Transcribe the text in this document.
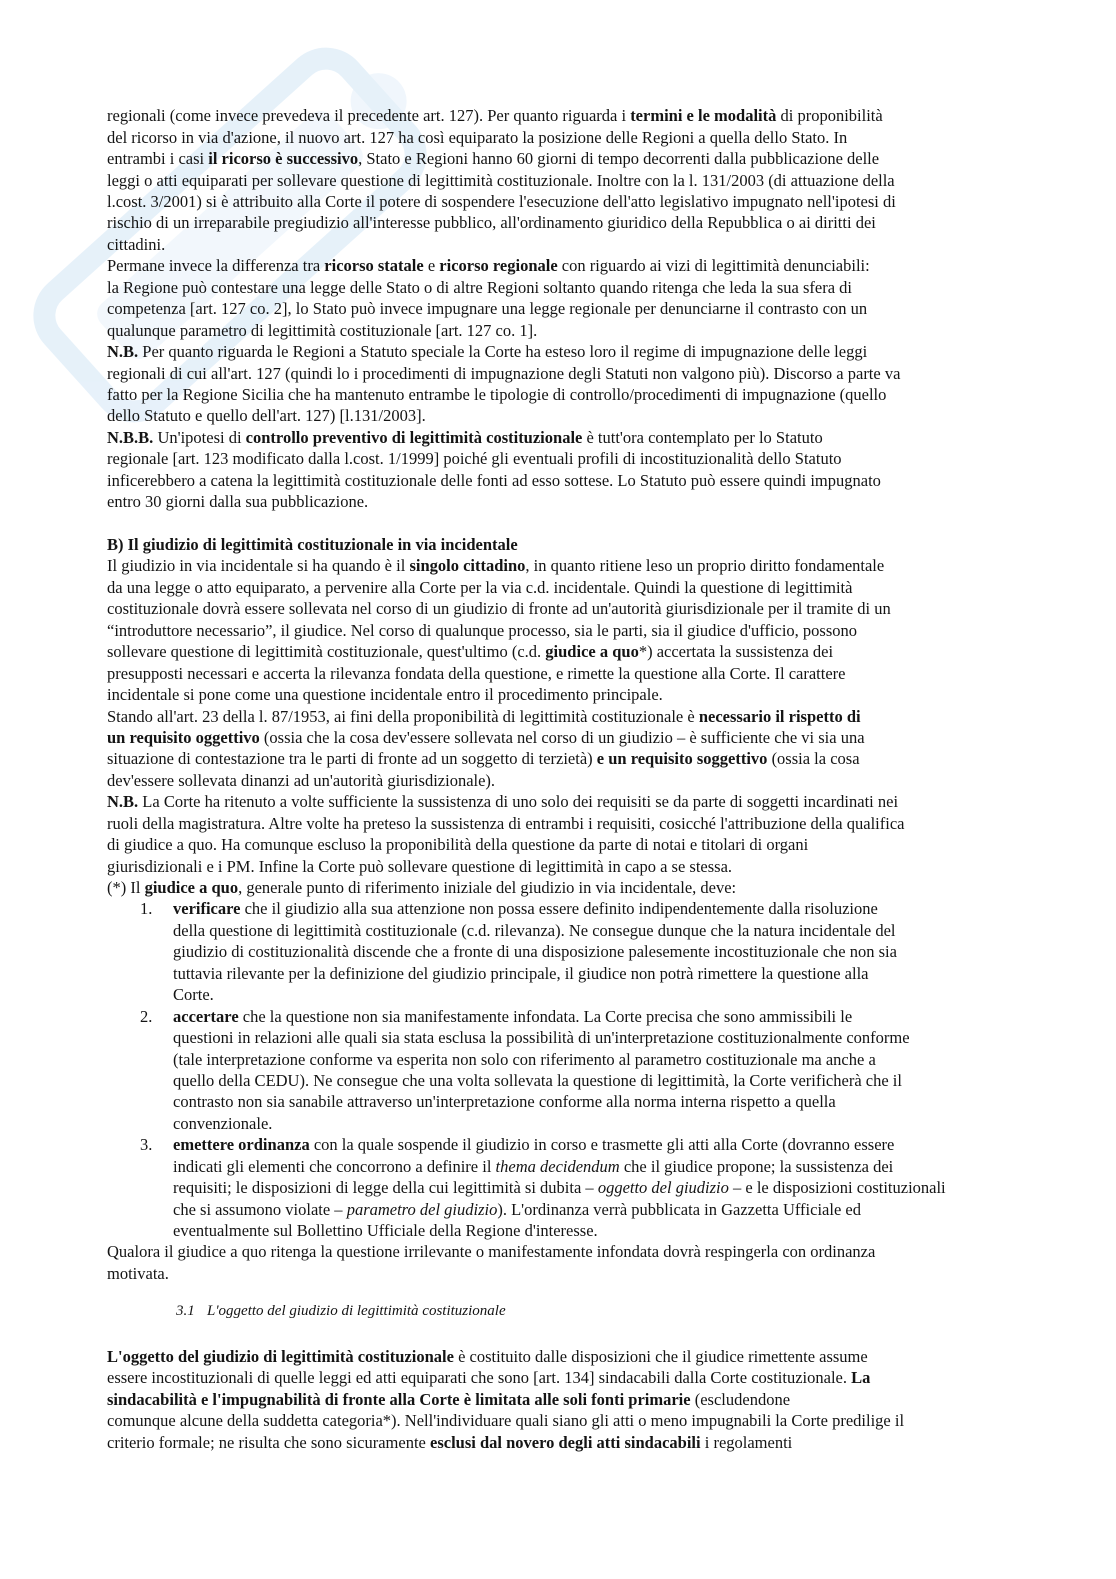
regionali (come invece prevedeva il precedente art. 127). Per quanto riguarda i termini e le modalità di proponibilità
del ricorso in via d'azione, il nuovo art. 127 ha così equiparato la posizione delle Regioni a quella dello Stato. In
entrambi i casi il ricorso è successivo, Stato e Regioni hanno 60 giorni di tempo decorrenti dalla pubblicazione delle
leggi o atti equiparati per sollevare questione di legittimità costituzionale. Inoltre con la l. 131/2003 (di attuazione della
l.cost. 3/2001) si è attribuito alla Corte il potere di sospendere l'esecuzione dell'atto legislativo impugnato nell'ipotesi di
rischio di un irreparabile pregiudizio all'interesse pubblico, all'ordinamento giuridico della Repubblica o ai diritti dei
cittadini.
Permane invece la differenza tra ricorso statale e ricorso regionale con riguardo ai vizi di legittimità denunciabili:
la Regione può contestare una legge delle Stato o di altre Regioni soltanto quando ritenga che leda la sua sfera di
competenza [art. 127 co. 2], lo Stato può invece impugnare una legge regionale per denunciarne il contrasto con un
qualunque parametro di legittimità costituzionale [art. 127 co. 1].
N.B. Per quanto riguarda le Regioni a Statuto speciale la Corte ha esteso loro il regime di impugnazione delle leggi
regionali di cui all'art. 127 (quindi lo i procedimenti di impugnazione degli Statuti non valgono più). Discorso a parte va
fatto per la Regione Sicilia che ha mantenuto entrambe le tipologie di controllo/procedimenti di impugnazione (quello
dello Statuto e quello dell'art. 127) [l.131/2003].
N.B.B. Un'ipotesi di controllo preventivo di legittimità costituzionale è tutt'ora contemplato per lo Statuto
regionale [art. 123 modificato dalla l.cost. 1/1999] poiché gli eventuali profili di incostituzionalità dello Statuto
inficerebbero a catena la legittimità costituzionale delle fonti ad esso sottese. Lo Statuto può essere quindi impugnato
entro 30 giorni dalla sua pubblicazione.
B) Il giudizio di legittimità costituzionale in via incidentale
Il giudizio in via incidentale si ha quando è il singolo cittadino, in quanto ritiene leso un proprio diritto fondamentale
da una legge o atto equiparato, a pervenire alla Corte per la via c.d. incidentale. Quindi la questione di legittimità
costituzionale dovrà essere sollevata nel corso di un giudizio di fronte ad un'autorità giurisdizionale per il tramite di un
“introduttore necessario”, il giudice. Nel corso di qualunque processo, sia le parti, sia il giudice d'ufficio, possono
sollevare questione di legittimità costituzionale, quest'ultimo (c.d. giudice a quo*) accertata la sussistenza dei
presupposti necessari e accerta la rilevanza fondata della questione, e rimette la questione alla Corte. Il carattere
incidentale si pone come una questione incidentale entro il procedimento principale.
Stando all'art. 23 della l. 87/1953, ai fini della proponibilità di legittimità costituzionale è necessario il rispetto di
un requisito oggettivo (ossia che la cosa dev'essere sollevata nel corso di un giudizio – è sufficiente che vi sia una
situazione di contestazione tra le parti di fronte ad un soggetto di terzietà) e un requisito soggettivo (ossia la cosa
dev'essere sollevata dinanzi ad un'autorità giurisdizionale).
N.B. La Corte ha ritenuto a volte sufficiente la sussistenza di uno solo dei requisiti se da parte di soggetti incardinati nei
ruoli della magistratura. Altre volte ha preteso la sussistenza di entrambi i requisiti, cosicché l'attribuzione della qualifica
di giudice a quo. Ha comunque escluso la proponibilità della questione da parte di notai e titolari di organi
giurisdizionali e i PM. Infine la Corte può sollevare questione di legittimità in capo a se stessa.
(*) Il giudice a quo, generale punto di riferimento iniziale del giudizio in via incidentale, deve:
1. verificare che il giudizio alla sua attenzione non possa essere definito indipendentemente dalla risoluzione
della questione di legittimità costituzionale (c.d. rilevanza). Ne consegue dunque che la natura incidentale del
giudizio di costituzionalità discende che a fronte di una disposizione palesemente incostituzionale che non sia
tuttavia rilevante per la definizione del giudizio principale, il giudice non potrà rimettere la questione alla
Corte.
2. accertare che la questione non sia manifestamente infondata. La Corte precisa che sono ammissibili le
questioni in relazioni alle quali sia stata esclusa la possibilità di un'interpretazione costituzionalmente conforme
(tale interpretazione conforme va esperita non solo con riferimento al parametro costituzionale ma anche a
quello della CEDU). Ne consegue che una volta sollevata la questione di legittimità, la Corte verificherà che il
contrasto non sia sanabile attraverso un'interpretazione conforme alla norma interna rispetto a quella
convenzionale.
3. emettere ordinanza con la quale sospende il giudizio in corso e trasmette gli atti alla Corte (dovranno essere
indicati gli elementi che concorrono a definire il thema decidendum che il giudice propone; la sussistenza dei
requisiti; le disposizioni di legge della cui legittimità si dubita – oggetto del giudizio – e le disposizioni costituzionali
che si assumono violate – parametro del giudizio). L'ordinanza verrà pubblicata in Gazzetta Ufficiale ed
eventualmente sul Bollettino Ufficiale della Regione d'interesse.
Qualora il giudice a quo ritenga la questione irrilevante o manifestamente infondata dovrà respingerla con ordinanza
motivata.
3.1 L'oggetto del giudizio di legittimità costituzionale
L'oggetto del giudizio di legittimità costituzionale è costituito dalle disposizioni che il giudice rimettente assume
essere incostituzionali di quelle leggi ed atti equiparati che sono [art. 134] sindacabili dalla Corte costituzionale. La
sindacabilità e l'impugnabilità di fronte alla Corte è limitata alle soli fonti primarie (escludendone
comunque alcune della suddetta categoria*). Nell'individuare quali siano gli atti o meno impugnabili la Corte predilige il
criterio formale; ne risulta che sono sicuramente esclusi dal novero degli atti sindacabili i regolamenti
